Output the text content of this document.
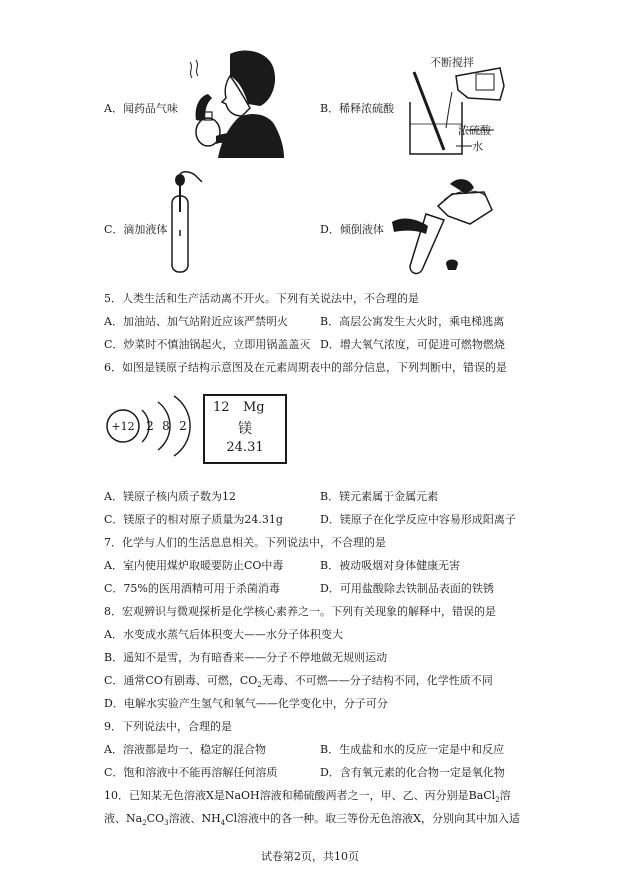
A．闻药品气味	B．稀释浓硫酸
不断搅拌
浓硫酸
水
C．滴加液体	D．倾倒液体
5．人类生活和生产活动离不开火。下列有关说法中，不合理的是
A．加油站、加气站附近应该严禁明火	B．高层公寓发生大火时，乘电梯逃离
C．炒菜时不慎油锅起火，立即用锅盖盖灭 D．增大氧气浓度，可促进可燃物燃烧
6．如图是镁原子结构示意图及在元素周期表中的部分信息，下列判断中，错误的是
+12 2 8 2
12 Mg
镁
24.31
A．镁原子核内质子数为12	B．镁元素属于金属元素
C．镁原子的相对原子质量为24.31g	D．镁原子在化学反应中容易形成阳离子
7．化学与人们的生活息息相关。下列说法中，不合理的是
A．室内使用煤炉取暖要防止CO中毒	B．被动吸烟对身体健康无害
C．75%的医用酒精可用于杀菌消毒	D．可用盐酸除去铁制品表面的铁锈
8．宏观辨识与微观探析是化学核心素养之一。下列有关现象的解释中，错误的是
A．水变成水蒸气后体积变大——水分子体积变大
B．遥知不是雪，为有暗香来——分子不停地做无规则运动
C．通常CO有剧毒、可燃，$CO_2$无毒、不可燃——分子结构不同，化学性质不同
D．电解水实验产生氢气和氧气——化学变化中，分子可分
9．下列说法中，合理的是
A．溶液都是均一、稳定的混合物	B．生成盐和水的反应一定是中和反应
C．饱和溶液中不能再溶解任何溶质	D．含有氧元素的化合物一定是氧化物
10．已知某无色溶液X是NaOH溶液和稀硫酸两者之一，甲、乙、丙分别是BaCl$_2$溶
液、$Na_2CO_3$溶液、$NH_4Cl$溶液中的各一种。取三等份无色溶液X，分别向其中加入适
试卷第2页，共10页
